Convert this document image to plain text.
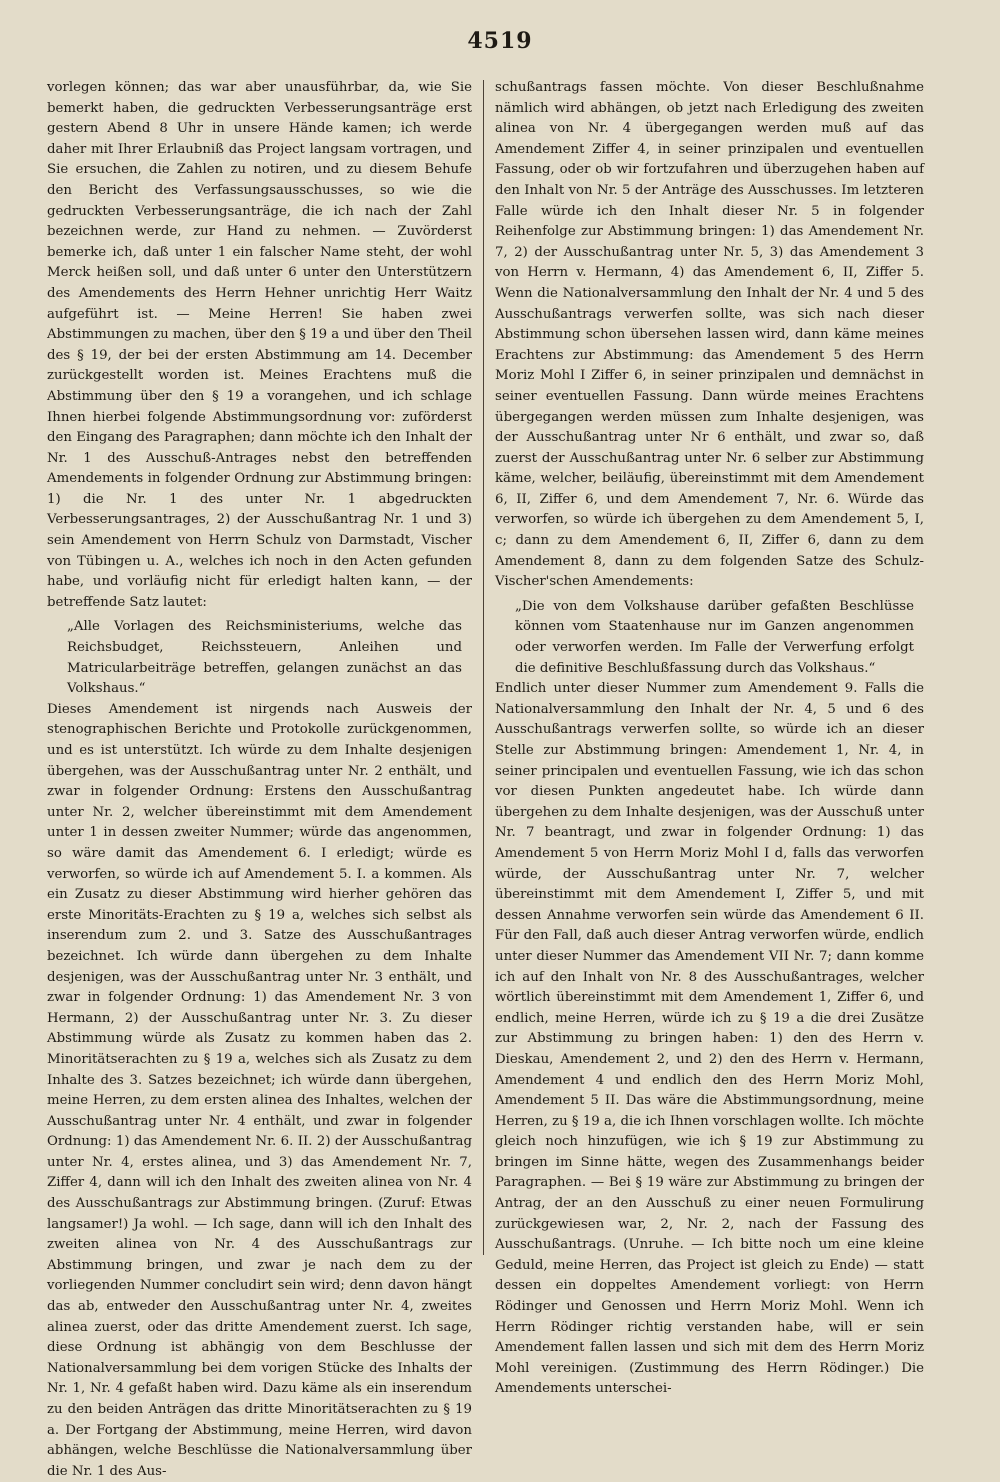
4519

vorlegen können; das war aber unausführbar, da, wie Sie bemerkt haben, die gedruckten Verbesserungsanträge erst gestern Abend 8 Uhr in unsere Hände kamen; ich werde daher mit Ihrer Erlaubniß das Project langsam vortragen, und Sie ersuchen, die Zahlen zu notiren, und zu diesem Behufe den Bericht des Verfassungsausschusses, so wie die gedruckten Verbesserungsanträge, die ich nach der Zahl bezeichnen werde, zur Hand zu nehmen. — Zuvörderst bemerke ich, daß unter 1 ein falscher Name steht, der wohl Merck heißen soll, und daß unter 6 unter den Unterstützern des Amendements des Herrn Hehner unrichtig Herr Waitz aufgeführt ist. — Meine Herren! Sie haben zwei Abstimmungen zu machen, über den § 19 a und über den Theil des § 19, der bei der ersten Abstimmung am 14. December zurückgestellt worden ist. Meines Erachtens muß die Abstimmung über den § 19 a vorangehen, und ich schlage Ihnen hierbei folgende Abstimmungsordnung vor: zuförderst den Eingang des Paragraphen; dann möchte ich den Inhalt der Nr. 1 des Ausschuß-Antrages nebst den betreffenden Amendements in folgender Ordnung zur Abstimmung bringen: 1) die Nr. 1 des unter Nr. 1 abgedruckten Verbesserungsantrages, 2) der Ausschußantrag Nr. 1 und 3) sein Amendement von Herrn Schulz von Darmstadt, Vischer von Tübingen u. A., welches ich noch in den Acten gefunden habe, und vorläufig nicht für erledigt halten kann, — der betreffende Satz lautet:

„Alle Vorlagen des Reichsministeriums, welche das Reichsbudget, Reichssteuern, Anleihen und Matricularbeiträge betreffen, gelangen zunächst an das Volkshaus.“

Dieses Amendement ist nirgends nach Ausweis der stenographischen Berichte und Protokolle zurückgenommen, und es ist unterstützt. Ich würde zu dem Inhalte desjenigen übergehen, was der Ausschußantrag unter Nr. 2 enthält, und zwar in folgender Ordnung: Erstens den Ausschußantrag unter Nr. 2, welcher übereinstimmt mit dem Amendement unter 1 in dessen zweiter Nummer; würde das angenommen, so wäre damit das Amendement 6. I erledigt; würde es verworfen, so würde ich auf Amendement 5. I. a kommen. Als ein Zusatz zu dieser Abstimmung wird hierher gehören das erste Minoritäts-Erachten zu § 19 a, welches sich selbst als inserendum zum 2. und 3. Satze des Ausschußantrages bezeichnet. Ich würde dann übergehen zu dem Inhalte desjenigen, was der Ausschußantrag unter Nr. 3 enthält, und zwar in folgender Ordnung: 1) das Amendement Nr. 3 von Hermann, 2) der Ausschußantrag unter Nr. 3. Zu dieser Abstimmung würde als Zusatz zu kommen haben das 2. Minoritätserachten zu § 19 a, welches sich als Zusatz zu dem Inhalte des 3. Satzes bezeichnet; ich würde dann übergehen, meine Herren, zu dem ersten alinea des Inhaltes, welchen der Ausschußantrag unter Nr. 4 enthält, und zwar in folgender Ordnung: 1) das Amendement Nr. 6. II. 2) der Ausschußantrag unter Nr. 4, erstes alinea, und 3) das Amendement Nr. 7, Ziffer 4, dann will ich den Inhalt des zweiten alinea von Nr. 4 des Ausschußantrags zur Abstimmung bringen. (Zuruf: Etwas langsamer!) Ja wohl. — Ich sage, dann will ich den Inhalt des zweiten alinea von Nr. 4 des Ausschußantrags zur Abstimmung bringen, und zwar je nach dem zu der vorliegenden Nummer concludirt sein wird; denn davon hängt das ab, entweder den Ausschußantrag unter Nr. 4, zweites alinea zuerst, oder das dritte Amendement zuerst. Ich sage, diese Ordnung ist abhängig von dem Beschlusse der Nationalversammlung bei dem vorigen Stücke des Inhalts der Nr. 1, Nr. 4 gefaßt haben wird. Dazu käme als ein inserendum zu den beiden Anträgen das dritte Minoritätserachten zu § 19 a. Der Fortgang der Abstimmung, meine Herren, wird davon abhängen, welche Beschlüsse die Nationalversammlung über die Nr. 1 des Aus-

schußantrags fassen möchte. Von dieser Beschlußnahme nämlich wird abhängen, ob jetzt nach Erledigung des zweiten alinea von Nr. 4 übergegangen werden muß auf das Amendement Ziffer 4, in seiner prinzipalen und eventuellen Fassung, oder ob wir fortzufahren und überzugehen haben auf den Inhalt von Nr. 5 der Anträge des Ausschusses. Im letzteren Falle würde ich den Inhalt dieser Nr. 5 in folgender Reihenfolge zur Abstimmung bringen: 1) das Amendement Nr. 7, 2) der Ausschußantrag unter Nr. 5, 3) das Amendement 3 von Herrn v. Hermann, 4) das Amendement 6, II, Ziffer 5. Wenn die Nationalversammlung den Inhalt der Nr. 4 und 5 des Ausschußantrags verwerfen sollte, was sich nach dieser Abstimmung schon übersehen lassen wird, dann käme meines Erachtens zur Abstimmung: das Amendement 5 des Herrn Moriz Mohl I Ziffer 6, in seiner prinzipalen und demnächst in seiner eventuellen Fassung. Dann würde meines Erachtens übergegangen werden müssen zum Inhalte desjenigen, was der Ausschußantrag unter Nr 6 enthält, und zwar so, daß zuerst der Ausschußantrag unter Nr. 6 selber zur Abstimmung käme, welcher, beiläufig, übereinstimmt mit dem Amendement 6, II, Ziffer 6, und dem Amendement 7, Nr. 6. Würde das verworfen, so würde ich übergehen zu dem Amendement 5, I, c; dann zu dem Amendement 6, II, Ziffer 6, dann zu dem Amendement 8, dann zu dem folgenden Satze des Schulz-Vischer'schen Amendements:

„Die von dem Volkshause darüber gefaßten Beschlüsse können vom Staatenhause nur im Ganzen angenommen oder verworfen werden. Im Falle der Verwerfung erfolgt die definitive Beschlußfassung durch das Volkshaus.“

Endlich unter dieser Nummer zum Amendement 9. Falls die Nationalversammlung den Inhalt der Nr. 4, 5 und 6 des Ausschußantrags verwerfen sollte, so würde ich an dieser Stelle zur Abstimmung bringen: Amendement 1, Nr. 4, in seiner principalen und eventuellen Fassung, wie ich das schon vor diesen Punkten angedeutet habe. Ich würde dann übergehen zu dem Inhalte desjenigen, was der Ausschuß unter Nr. 7 beantragt, und zwar in folgender Ordnung: 1) das Amendement 5 von Herrn Moriz Mohl I d, falls das verworfen würde, der Ausschußantrag unter Nr. 7, welcher übereinstimmt mit dem Amendement I, Ziffer 5, und mit dessen Annahme verworfen sein würde das Amendement 6 II. Für den Fall, daß auch dieser Antrag verworfen würde, endlich unter dieser Nummer das Amendement VII Nr. 7; dann komme ich auf den Inhalt von Nr. 8 des Ausschußantrages, welcher wörtlich übereinstimmt mit dem Amendement 1, Ziffer 6, und endlich, meine Herren, würde ich zu § 19 a die drei Zusätze zur Abstimmung zu bringen haben: 1) den des Herrn v. Dieskau, Amendement 2, und 2) den des Herrn v. Hermann, Amendement 4 und endlich den des Herrn Moriz Mohl, Amendement 5 II. Das wäre die Abstimmungsordnung, meine Herren, zu § 19 a, die ich Ihnen vorschlagen wollte. Ich möchte gleich noch hinzufügen, wie ich § 19 zur Abstimmung zu bringen im Sinne hätte, wegen des Zusammenhangs beider Paragraphen. — Bei § 19 wäre zur Abstimmung zu bringen der Antrag, der an den Ausschuß zu einer neuen Formulirung zurückgewiesen war, 2, Nr. 2, nach der Fassung des Ausschußantrags. (Unruhe. — Ich bitte noch um eine kleine Geduld, meine Herren, das Project ist gleich zu Ende) — statt dessen ein doppeltes Amendement vorliegt: von Herrn Rödinger und Genossen und Herrn Moriz Mohl. Wenn ich Herrn Rödinger richtig verstanden habe, will er sein Amendement fallen lassen und sich mit dem des Herrn Moriz Mohl vereinigen. (Zustimmung des Herrn Rödinger.) Die Amendements unterschei-
